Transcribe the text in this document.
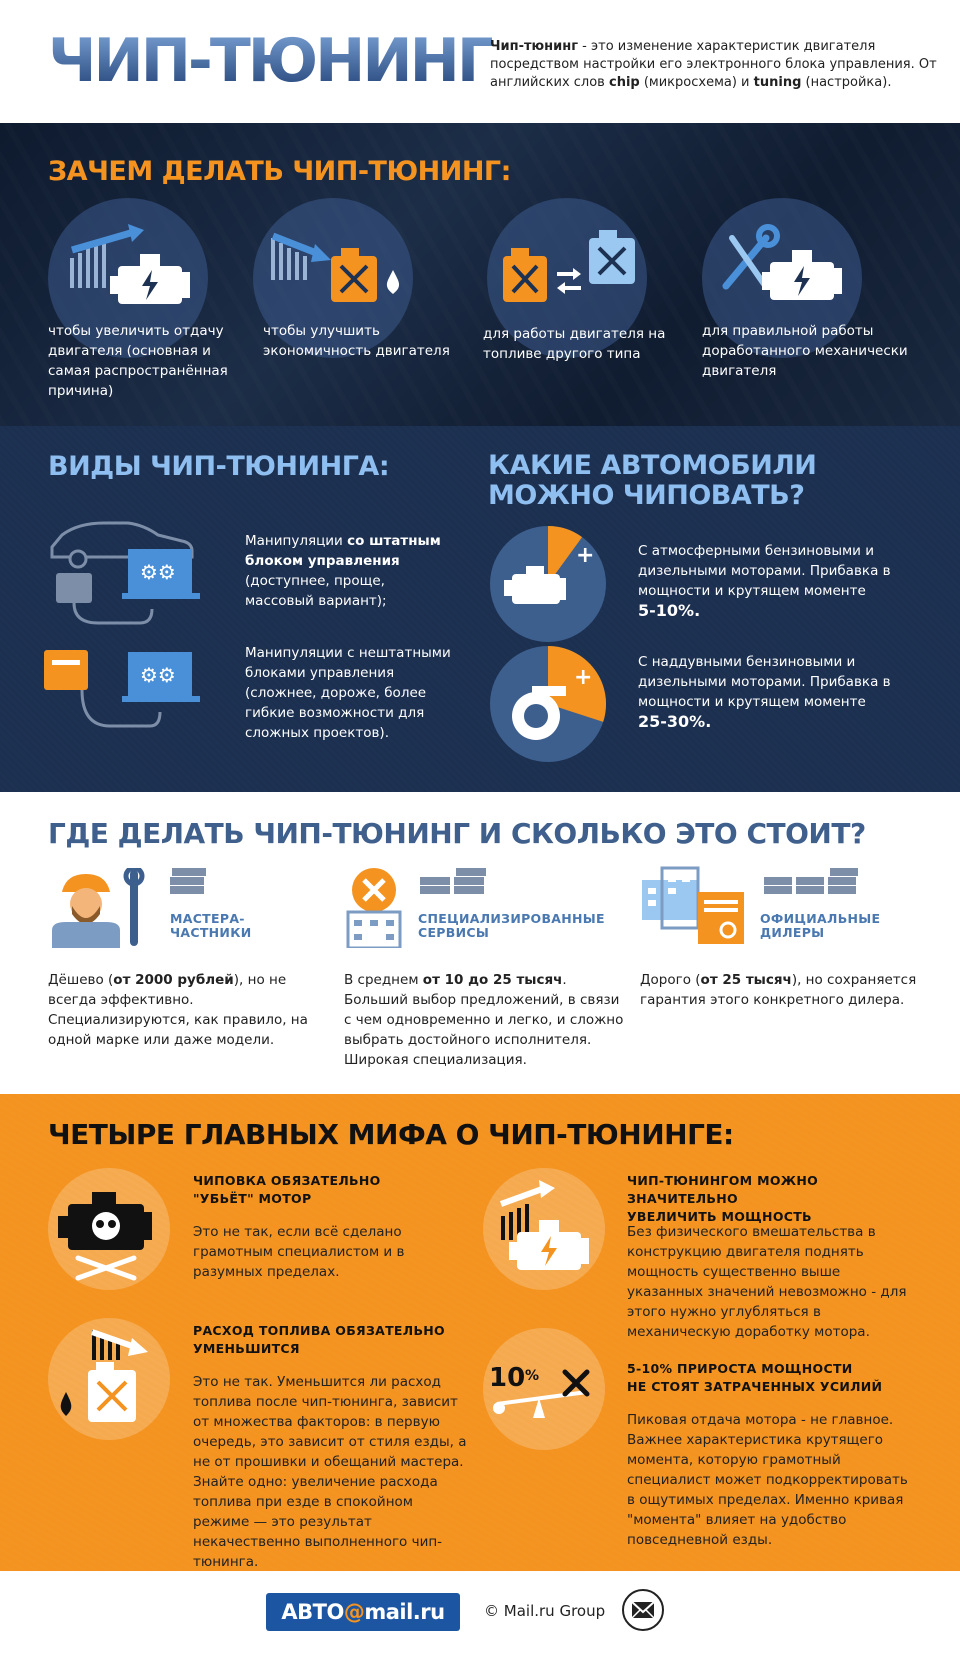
ЧИП-ТЮНИНГ
Чип-тюнинг - это изменение характеристик двигателя посредством настройки его электронного блока управления. От английских слов chip (микросхема) и tuning (настройка).
ЗАЧЕМ ДЕЛАТЬ ЧИП-ТЮНИНГ:
чтобы увеличить отдачу двигателя (основная и самая распространённая причина)
чтобы улучшить экономичность двигателя
для работы двигателя на топливе другого типа
для правильной работы доработанного механически двигателя
ВИДЫ ЧИП-ТЮНИНГА:	КАКИЕ АВТОМОБИЛИ
МОЖНО ЧИПОВАТЬ?
⚙⚙
Манипуляции со штатным блоком управления (доступнее, проще, массовый вариант);
⚙⚙
Манипуляции с нештатными блоками управления (сложнее, дороже, более гибкие возможности для сложных проектов).
+	С атмосферными бензиновыми и дизельными моторами. Прибавка в мощности и крутящем моменте
5-10%.
+
С наддувными бензиновыми и дизельными моторами. Прибавка в мощности и крутящем моменте
25-30%.
ГДЕ ДЕЛАТЬ ЧИП-ТЮНИНГ И СКОЛЬКО ЭТО СТОИТ?
МАСТЕРА-
ЧАСТНИКИ
Дёшево (от 2000 рублей), но не всегда эффективно. Специализируются, как правило, на одной марке или даже модели.
СПЕЦИАЛИЗИРОВАННЫЕ
СЕРВИСЫ
В среднем от 10 до 25 тысяч. Больший выбор предложений, в связи с чем одновременно и легко, и сложно выбрать достойного исполнителя. Широкая специализация.
ОФИЦИАЛЬНЫЕ
ДИЛЕРЫ
Дорого (от 25 тысяч), но сохраняется гарантия этого конкретного дилера.
ЧЕТЫРЕ ГЛАВНЫХ МИФА О ЧИП-ТЮНИНГЕ:
ЧИПОВКА ОБЯЗАТЕЛЬНО
"УБЬЁТ" МОТОР
Это не так, если всё сделано грамотным специалистом и в разумных пределах.
РАСХОД ТОПЛИВА ОБЯЗАТЕЛЬНО
УМЕНЬШИТСЯ
Это не так. Уменьшится ли расход топлива после чип-тюнинга, зависит от множества факторов: в первую очередь, это зависит от стиля езды, а не от прошивки и обещаний мастера. Знайте одно: увеличение расхода топлива при езде в спокойном режиме — это результат некачественно выполненного чип-тюнинга.
ЧИП-ТЮНИНГОМ МОЖНО ЗНАЧИТЕЛЬНО
УВЕЛИЧИТЬ МОЩНОСТЬ
Без физического вмешательства в конструкцию двигателя поднять мощность существенно выше указанных значений невозможно - для этого нужно углубляться в механическую доработку мотора.
10 %	5-10% ПРИРОСТА МОЩНОСТИ
НЕ СТОЯТ ЗАТРАЧЕННЫХ УСИЛИЙ
Пиковая отдача мотора - не главное. Важнее характеристика крутящего момента, которую грамотный специалист может подкорректировать в ощутимых пределах. Именно кривая "момента" влияет на удобство повседневной езды.
АВТО@mail.ru	© Mail.ru Group
